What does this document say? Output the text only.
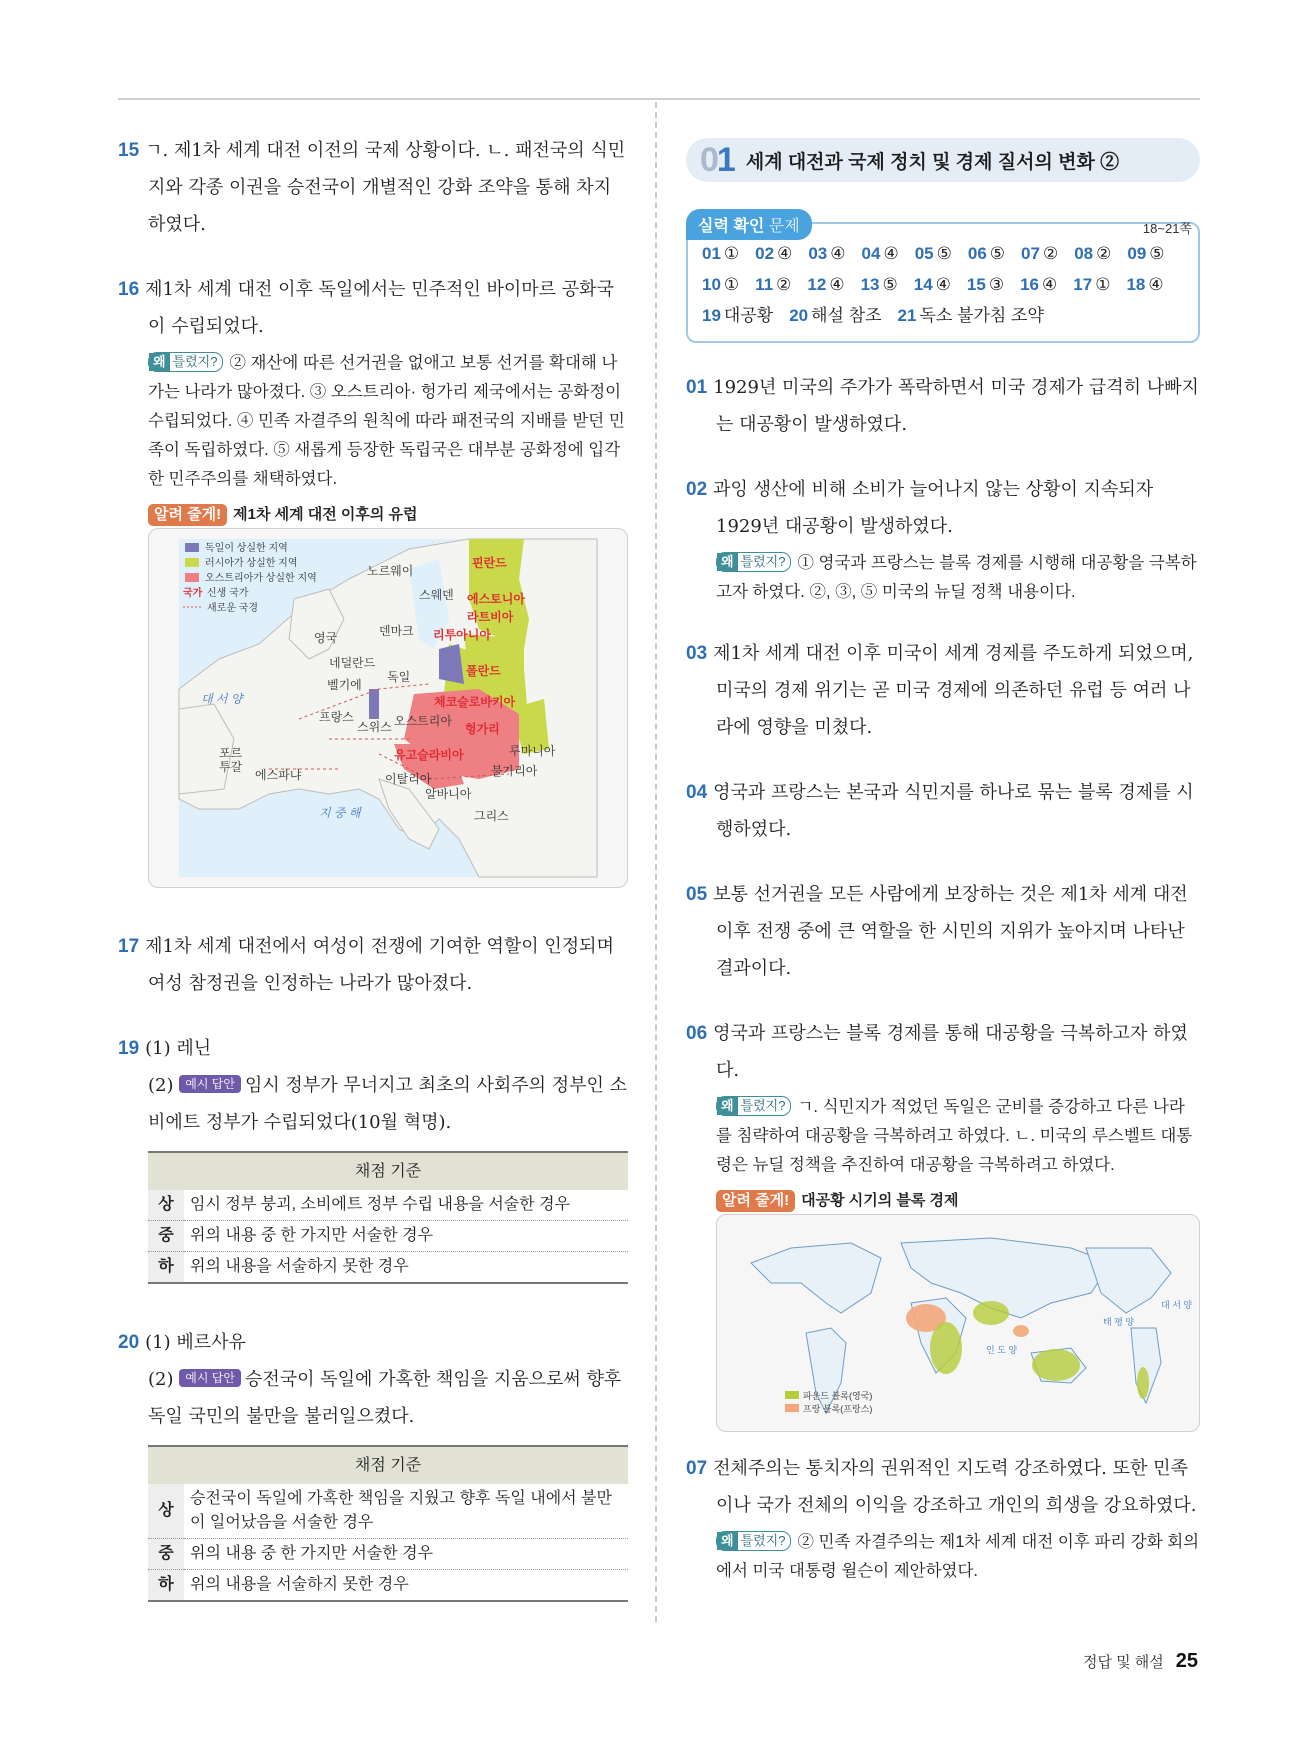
15 ㄱ. 제1차 세계 대전 이전의 국제 상황이다. ㄴ. 패전국의 식민지와 각종 이권을 승전국이 개별적인 강화 조약을 통해 차지하였다.
16 제1차 세계 대전 이후 독일에서는 민주적인 바이마르 공화국이 수립되었다.
왜 틀렸지? ② 재산에 따른 선거권을 없애고 보통 선거를 확대해 나가는 나라가 많아졌다. ③ 오스트리아· 헝가리 제국에서는 공화정이 수립되었다. ④ 민족 자결주의 원칙에 따라 패전국의 지배를 받던 민족이 독립하였다. ⑤ 새롭게 등장한 독립국은 대부분 공화정에 입각한 민주주의를 채택하였다.
알려 줄게! 제1차 세계 대전 이후의 유럽
독일이 상실한 지역
러시아가 상실한 지역
오스트리아가 상실한 지역
국가 신생 국가
새로운 국경
핀란드
노르웨이
스웨덴 에스토니아
라트비아
리투아니아
덴마크
영국
네덜란드
벨기에
독일	폴란드
체코슬로바키아
대 서 양
프랑스
스위스 오스트리아
헝가리
루마니아
포르
투갈
에스파냐
유고슬라비아
이탈리아
불가리아
알바니아
그리스
지 중 해
17 제1차 세계 대전에서 여성이 전쟁에 기여한 역할이 인정되며 여성 참정권을 인정하는 나라가 많아졌다.
19 (1) 레닌
(2) 예시 답안 임시 정부가 무너지고 최초의 사회주의 정부인 소비에트 정부가 수립되었다(10월 혁명).
채점 기준	
상	임시 정부 붕괴, 소비에트 정부 수립 내용을 서술한 경우
중	위의 내용 중 한 가지만 서술한 경우
하	위의 내용을 서술하지 못한 경우
20 (1) 베르사유
(2) 예시 답안 승전국이 독일에 가혹한 책임을 지움으로써 향후 독일 국민의 불만을 불러일으켰다.
채점 기준	
상	승전국이 독일에 가혹한 책임을 지웠고 향후 독일 내에서 불만이 일어났음을 서술한 경우
중	위의 내용 중 한 가지만 서술한 경우
하	위의 내용을 서술하지 못한 경우
01 세계 대전과 국제 정치 및 경제 질서의 변화 ②
실력 확인 문제	18~21쪽
01 ① 02 ④ 03 ④ 04 ④ 05 ⑤ 06 ⑤ 07 ② 08 ② 09 ⑤
10 ① 11 ② 12 ④ 13 ⑤ 14 ④ 15 ③ 16 ④ 17 ① 18 ④
19 대공황 20 해설 참조 21 독소 불가침 조약
01 1929년 미국의 주가가 폭락하면서 미국 경제가 급격히 나빠지는 대공황이 발생하였다.
02 과잉 생산에 비해 소비가 늘어나지 않는 상황이 지속되자 1929년 대공황이 발생하였다.
왜 틀렸지? ① 영국과 프랑스는 블록 경제를 시행해 대공황을 극복하고자 하였다. ②, ③, ⑤ 미국의 뉴딜 정책 내용이다.
03 제1차 세계 대전 이후 미국이 세계 경제를 주도하게 되었으며, 미국의 경제 위기는 곧 미국 경제에 의존하던 유럽 등 여러 나라에 영향을 미쳤다.
04 영국과 프랑스는 본국과 식민지를 하나로 묶는 블록 경제를 시행하였다.
05 보통 선거권을 모든 사람에게 보장하는 것은 제1차 세계 대전 이후 전쟁 중에 큰 역할을 한 시민의 지위가 높아지며 나타난 결과이다.
06 영국과 프랑스는 블록 경제를 통해 대공황을 극복하고자 하였다.
왜 틀렸지? ㄱ. 식민지가 적었던 독일은 군비를 증강하고 다른 나라를 침략하여 대공황을 극복하려고 하였다. ㄴ. 미국의 루스벨트 대통령은 뉴딜 정책을 추진하여 대공황을 극복하려고 하였다.
알려 줄게! 대공황 시기의 블록 경제
태 평 양
인 도 양
대 서 양
파운드 블록(영국)
프랑 블록(프랑스)
07 전체주의는 통치자의 권위적인 지도력 강조하였다. 또한 민족이나 국가 전체의 이익을 강조하고 개인의 희생을 강요하였다.
왜 틀렸지? ② 민족 자결주의는 제1차 세계 대전 이후 파리 강화 회의에서 미국 대통령 윌슨이 제안하였다.
정답 및 해설 25
